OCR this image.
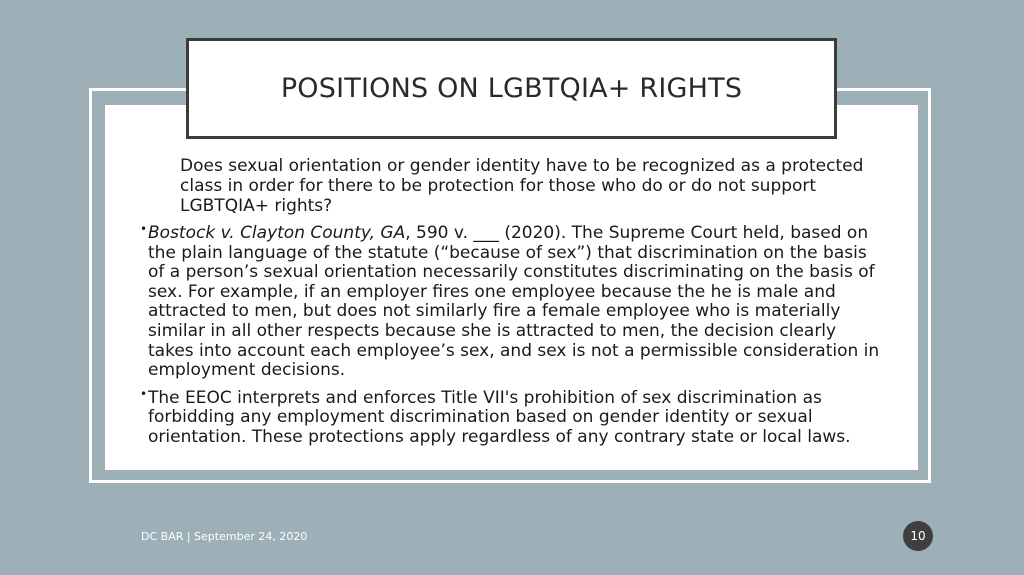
POSITIONS ON LGBTQIA+ RIGHTS

Does sexual orientation or gender identity have to be recognized as a protected class in order for there to be protection for those who do or do not support LGBTQIA+ rights?

• Bostock v. Clayton County, GA, 590 v. ___ (2020). The Supreme Court held, based on the plain language of the statute (“because of sex”) that discrimination on the basis of a person’s sexual orientation necessarily constitutes discriminating on the basis of sex. For example, if an employer fires one employee because the he is male and attracted to men, but does not similarly fire a female employee who is materially similar in all other respects because she is attracted to men, the decision clearly takes into account each employee’s sex, and sex is not a permissible consideration in employment decisions.
• The EEOC interprets and enforces Title VII's prohibition of sex discrimination as forbidding any employment discrimination based on gender identity or sexual orientation. These protections apply regardless of any contrary state or local laws.
DC BAR | September 24, 2020	10
